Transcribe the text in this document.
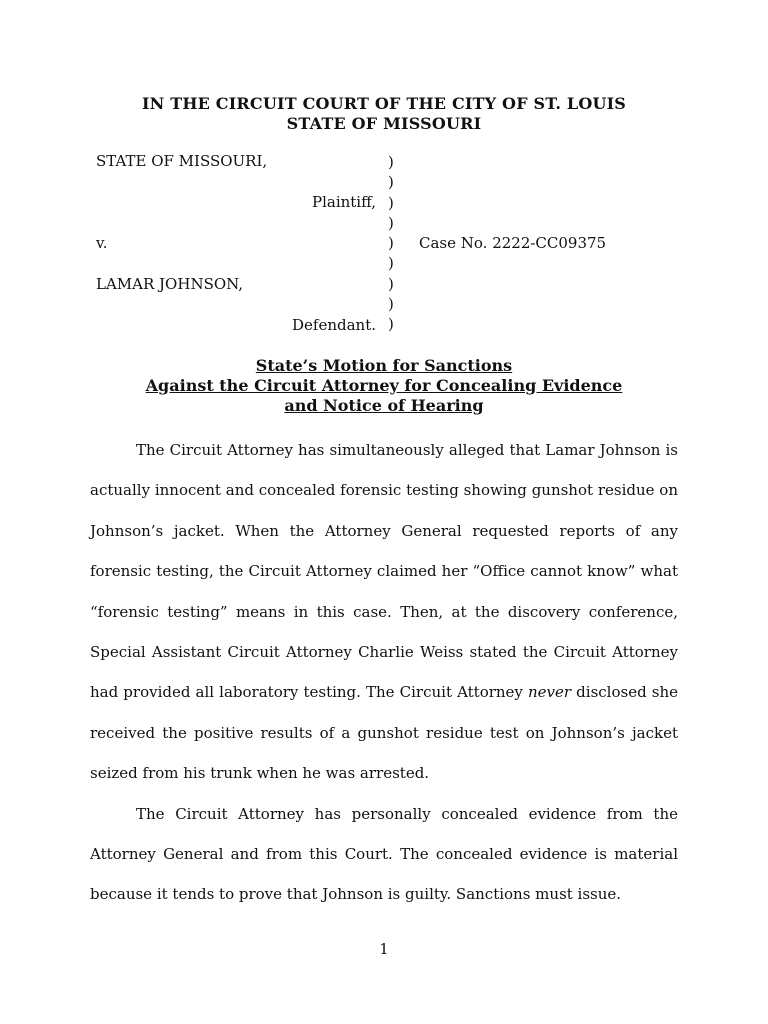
IN THE CIRCUIT COURT OF THE CITY OF ST. LOUIS
STATE OF MISSOURI
STATE OF MISSOURI,
Plaintiff,
v.
LAMAR JOHNSON,
Defendant.
)
)
)
)
)
)
)
)
)
Case No. 2222-CC09375
State’s Motion for Sanctions
Against the Circuit Attorney for Concealing Evidence
and Notice of Hearing

The Circuit Attorney has simultaneously alleged that Lamar Johnson is actually innocent and concealed forensic testing showing gunshot residue on Johnson’s jacket. When the Attorney General requested reports of any forensic testing, the Circuit Attorney claimed her “Office cannot know” what “forensic testing” means in this case. Then, at the discovery conference, Special Assistant Circuit Attorney Charlie Weiss stated the Circuit Attorney had provided all laboratory testing. The Circuit Attorney never disclosed she received the positive results of a gunshot residue test on Johnson’s jacket seized from his trunk when he was arrested.

The Circuit Attorney has personally concealed evidence from the Attorney General and from this Court. The concealed evidence is material because it tends to prove that Johnson is guilty. Sanctions must issue.

1
